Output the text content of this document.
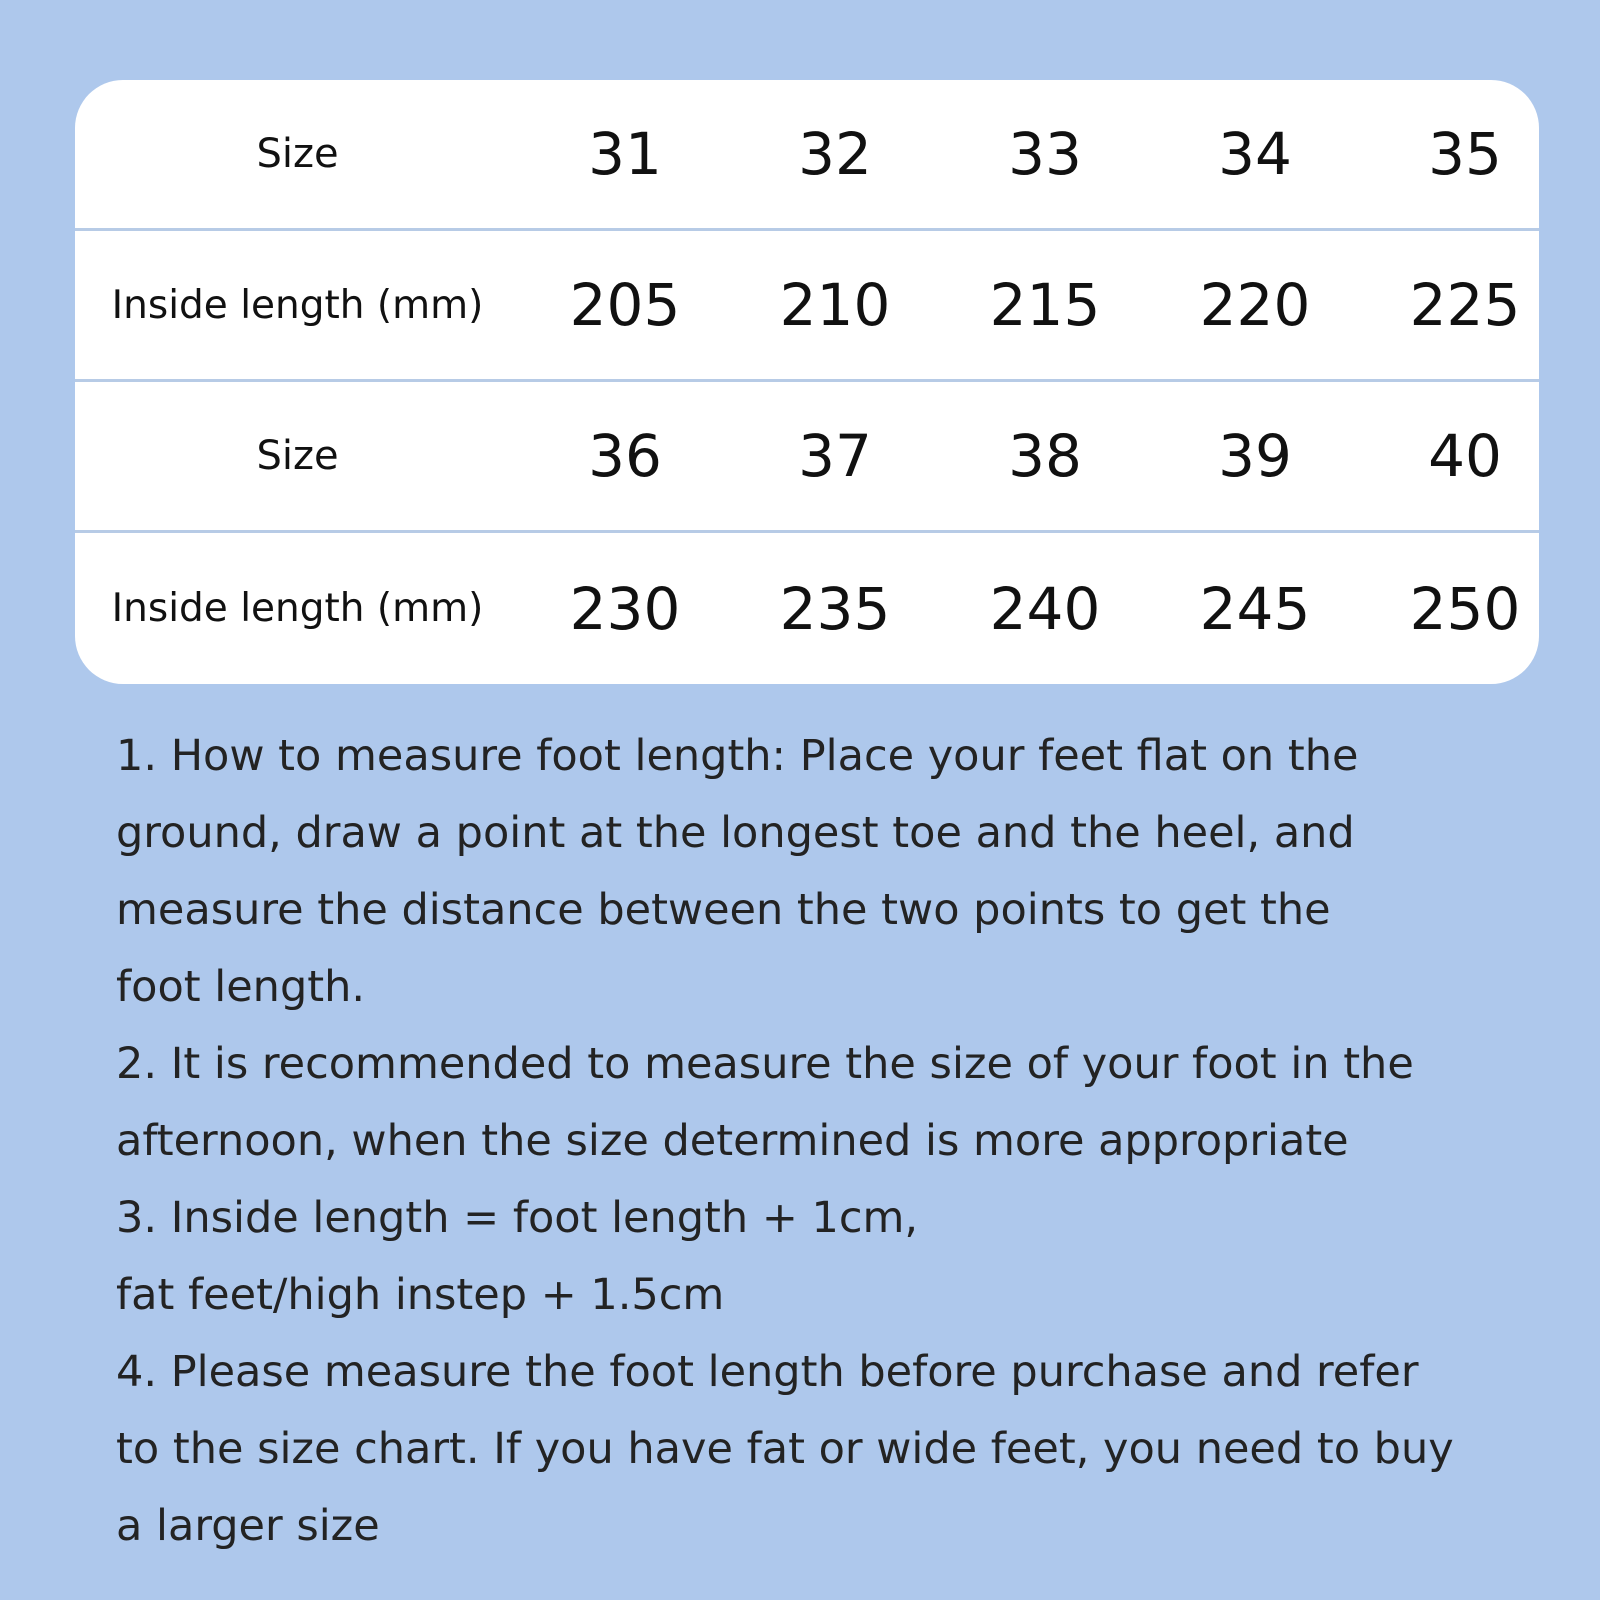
Size	31	32	33	34	35
Inside length (mm)	205	210	215	220	225
Size	36	37	38	39	40
Inside length (mm)	230	235	240	245	250

1. How to measure foot length: Place your feet flat on the

ground, draw a point at the longest toe and the heel, and

measure the distance between the two points to get the

foot length.

2. It is recommended to measure the size of your foot in the

afternoon, when the size determined is more appropriate

3. Inside length = foot length + 1cm,

fat feet/high instep + 1.5cm

4. Please measure the foot length before purchase and refer

to the size chart. If you have fat or wide feet, you need to buy

a larger size
